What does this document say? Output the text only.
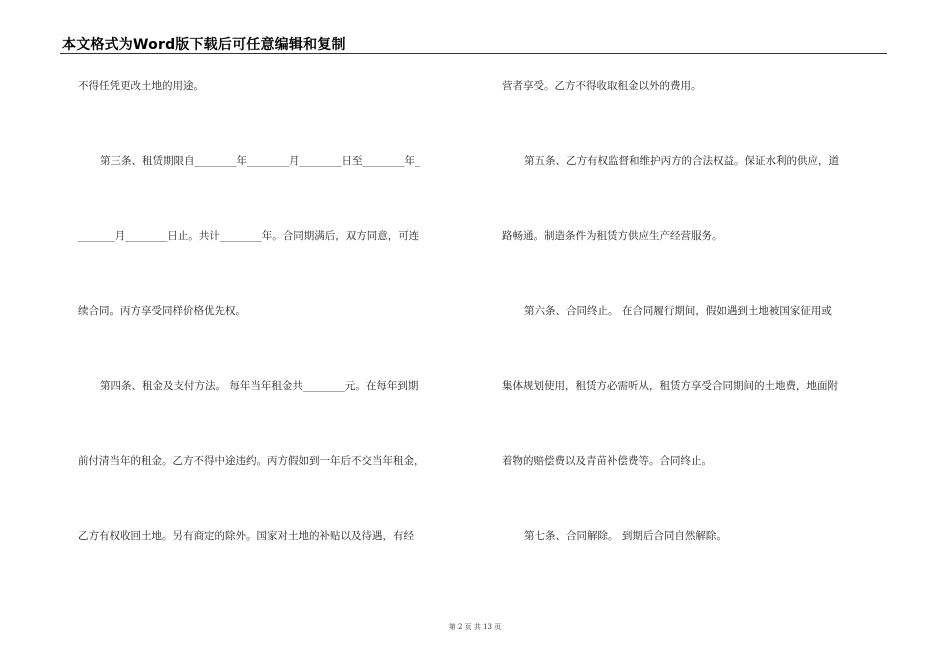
本文格式为Word版下载后可任意编辑和复制
不得任凭更改土地的用途。
第三条、租赁期限自________年________月________日至________年_
_______月________日止。共计________年。合同期满后，双方同意，可连
续合同。丙方享受同样价格优先权。
第四条、租金及支付方法。 每年当年租金共________元。在每年到期
前付清当年的租金。乙方不得中途违约。丙方假如到一年后不交当年租金，
乙方有权收回土地。另有商定的除外。国家对土地的补贴以及待遇，有经
营者享受。乙方不得收取租金以外的费用。
第五条、乙方有权监督和维护丙方的合法权益。保证水利的供应，道
路畅通。制造条件为租赁方供应生产经营服务。
第六条、合同终止。 在合同履行期间，假如遇到土地被国家征用或
集体规划使用，租赁方必需听从，租赁方享受合同期间的土地费，地面附
着物的赔偿费以及青苗补偿费等。合同终止。
第七条、合同解除。 到期后合同自然解除。
第 2 页 共 13 页
